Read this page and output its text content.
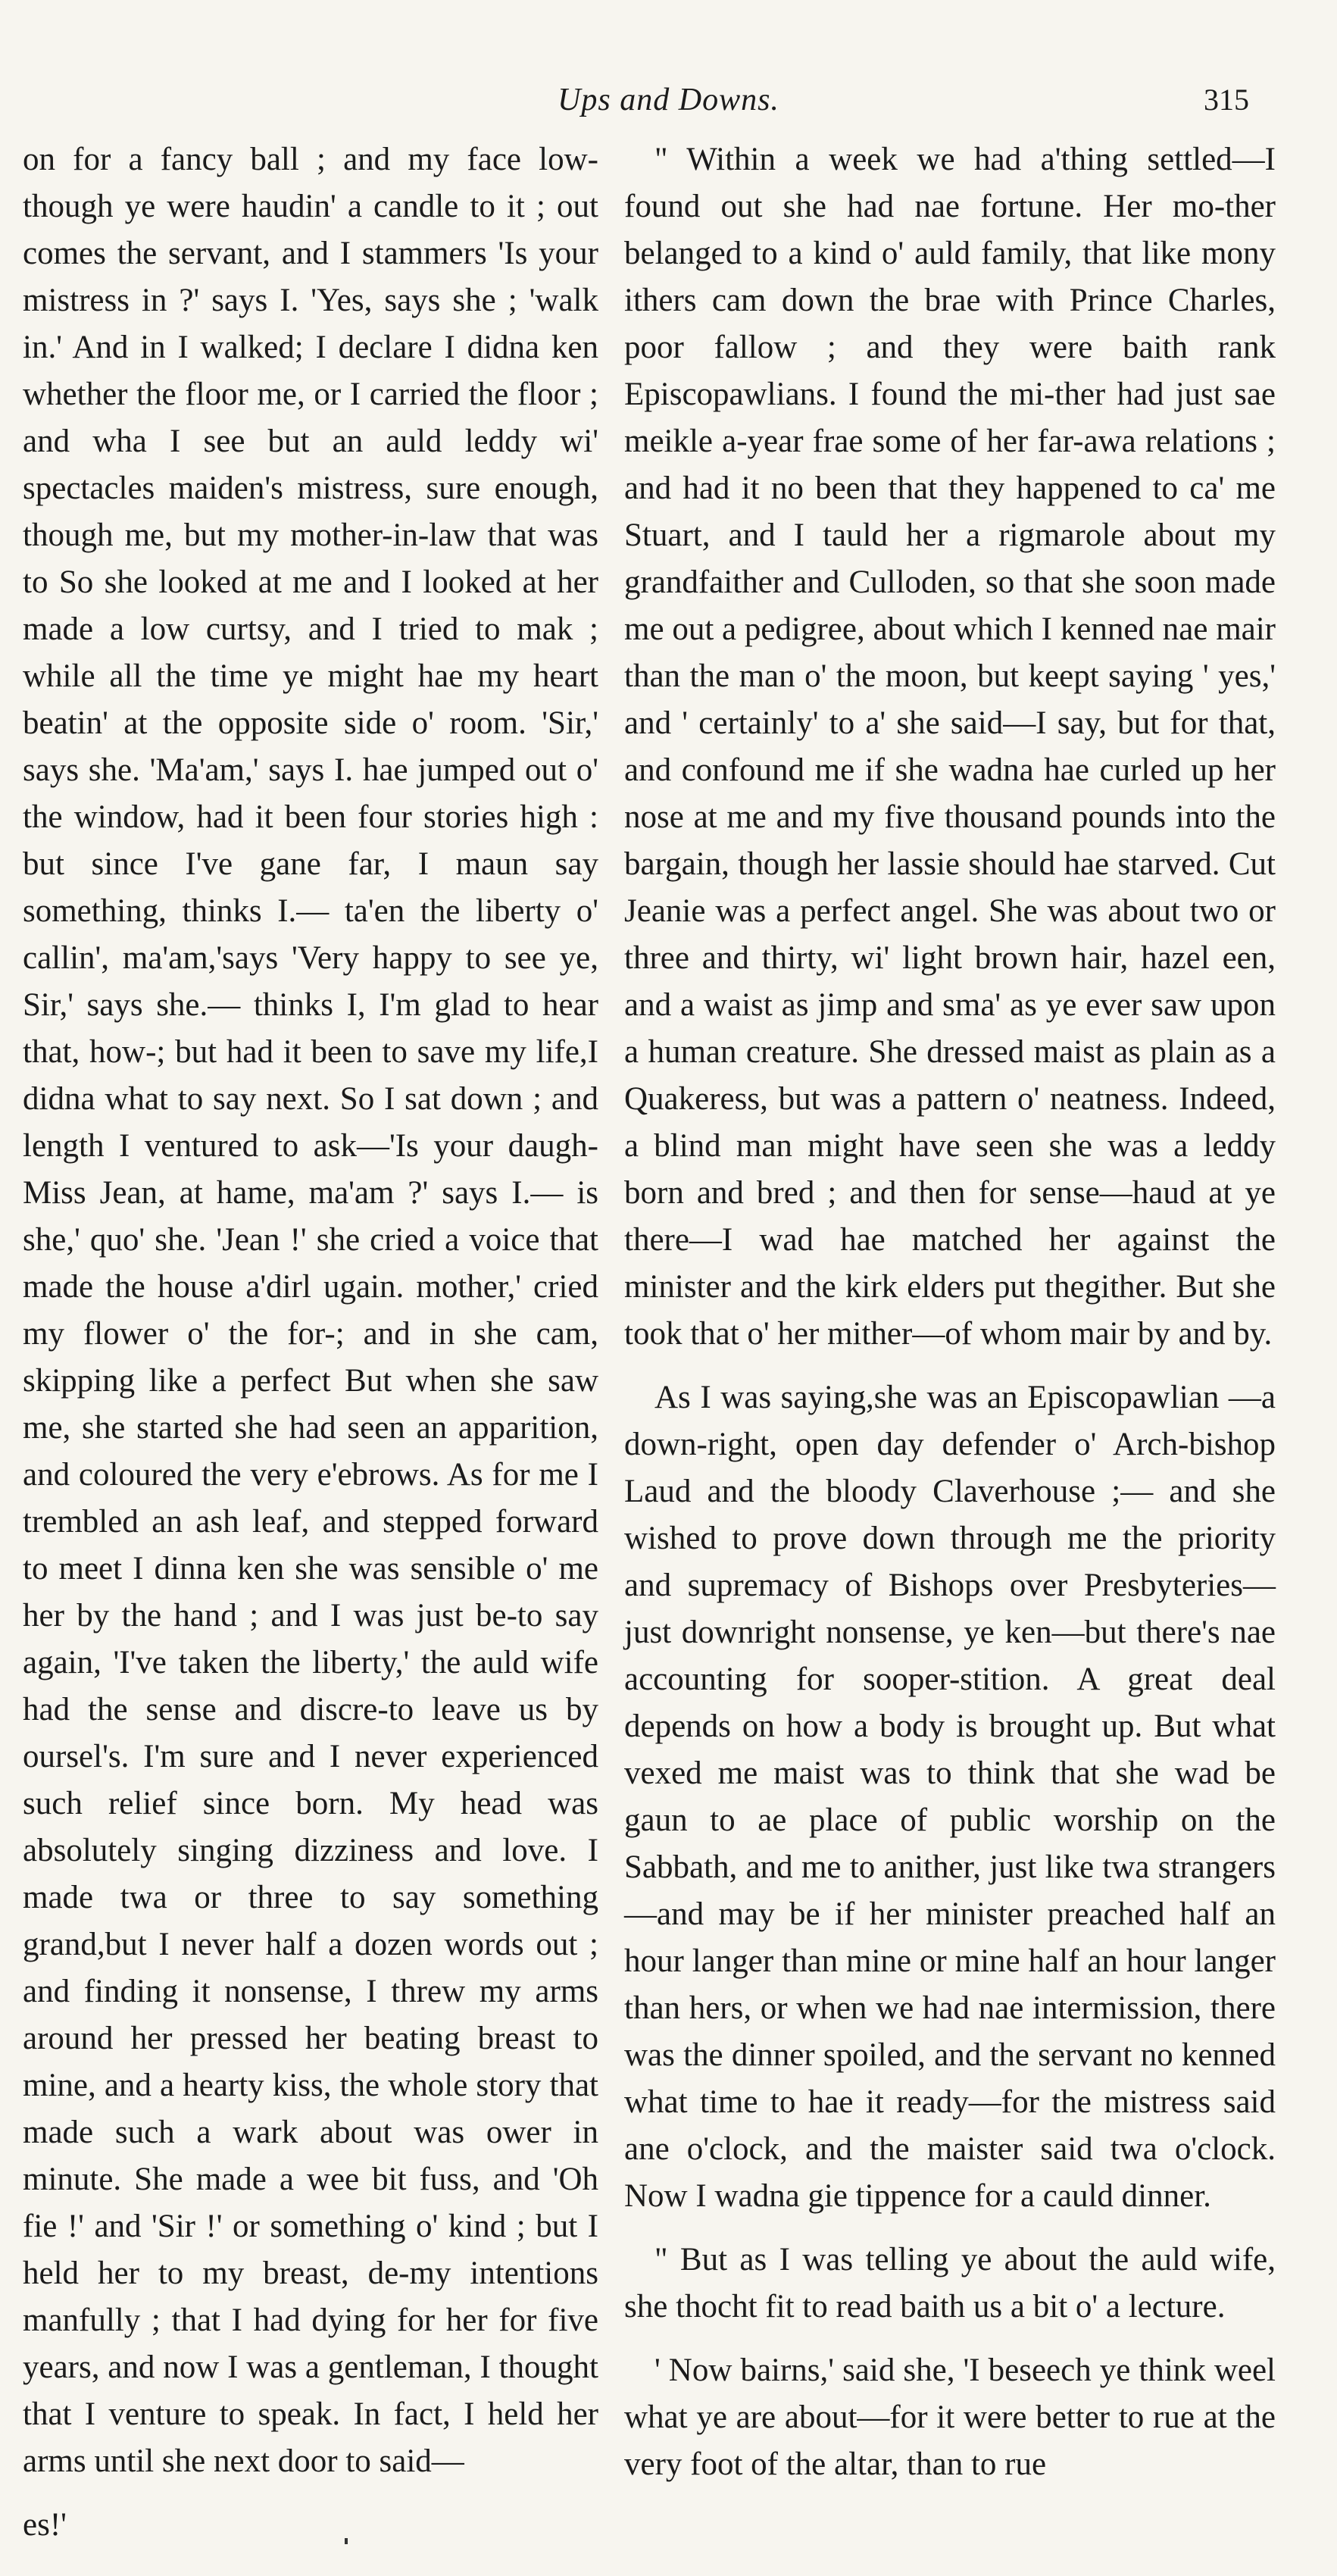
Ups and Downs.	315

on for a fancy ball ; and my face low-though ye were haudin' a candle to it ; out comes the servant, and I stammers 'Is your mistress in ?' says I. 'Yes, says she ; 'walk in.' And in I walked; I declare I didna ken whether the floor me, or I carried the floor ; and wha I see but an auld leddy wi' spectacles maiden's mistress, sure enough, though me, but my mother-in-law that was to So she looked at me and I looked at her made a low curtsy, and I tried to mak ; while all the time ye might hae my heart beatin' at the opposite side o' room. 'Sir,' says she. 'Ma'am,' says I. hae jumped out o' the window, had it been four stories high : but since I've gane far, I maun say something, thinks I.— ta'en the liberty o' callin', ma'am,'says 'Very happy to see ye, Sir,' says she.— thinks I, I'm glad to hear that, how-; but had it been to save my life,I didna what to say next. So I sat down ; and length I ventured to ask—'Is your daugh-Miss Jean, at hame, ma'am ?' says I.— is she,' quo' she. 'Jean !' she cried a voice that made the house a'dirl ugain. mother,' cried my flower o' the for-; and in she cam, skipping like a perfect But when she saw me, she started she had seen an apparition, and coloured the very e'ebrows. As for me I trembled an ash leaf, and stepped forward to meet I dinna ken she was sensible o' me her by the hand ; and I was just be-to say again, 'I've taken the liberty,' the auld wife had the sense and discre-to leave us by oursel's. I'm sure and I never experienced such relief since born. My head was absolutely singing dizziness and love. I made twa or three to say something grand,but I never half a dozen words out ; and finding it nonsense, I threw my arms around her pressed her beating breast to mine, and a hearty kiss, the whole story that made such a wark about was ower in minute. She made a wee bit fuss, and 'Oh fie !' and 'Sir !' or something o' kind ; but I held her to my breast, de-my intentions manfully ; that I had dying for her for five years, and now I was a gentleman, I thought that I venture to speak. In fact, I held her arms until she next door to said—

es!'

" Within a week we had a'thing settled—I found out she had nae fortune. Her mo-ther belanged to a kind o' auld family, that like mony ithers cam down the brae with Prince Charles, poor fallow ; and they were baith rank Episcopawlians. I found the mi-ther had just sae meikle a-year frae some of her far-awa relations ; and had it no been that they happened to ca' me Stuart, and I tauld her a rigmarole about my grandfaither and Culloden, so that she soon made me out a pedigree, about which I kenned nae mair than the man o' the moon, but keept saying ' yes,' and ' certainly' to a' she said—I say, but for that, and confound me if she wadna hae curled up her nose at me and my five thousand pounds into the bargain, though her lassie should hae starved. Cut Jeanie was a perfect angel. She was about two or three and thirty, wi' light brown hair, hazel een, and a waist as jimp and sma' as ye ever saw upon a human creature. She dressed maist as plain as a Quakeress, but was a pattern o' neatness. Indeed, a blind man might have seen she was a leddy born and bred ; and then for sense—haud at ye there—I wad hae matched her against the minister and the kirk elders put thegither. But she took that o' her mither—of whom mair by and by.

As I was saying,she was an Episcopawlian —a down-right, open day defender o' Arch-bishop Laud and the bloody Claverhouse ;— and she wished to prove down through me the priority and supremacy of Bishops over Presbyteries—just downright nonsense, ye ken—but there's nae accounting for sooper-stition. A great deal depends on how a body is brought up. But what vexed me maist was to think that she wad be gaun to ae place of public worship on the Sabbath, and me to anither, just like twa strangers—and may be if her minister preached half an hour langer than mine or mine half an hour langer than hers, or when we had nae intermission, there was the dinner spoiled, and the servant no kenned what time to hae it ready—for the mistress said ane o'clock, and the maister said twa o'clock. Now I wadna gie tippence for a cauld dinner.

" But as I was telling ye about the auld wife, she thocht fit to read baith us a bit o' a lecture.

' Now bairns,' said she, 'I beseech ye think weel what ye are about—for it were better to rue at the very foot of the altar, than to rue
